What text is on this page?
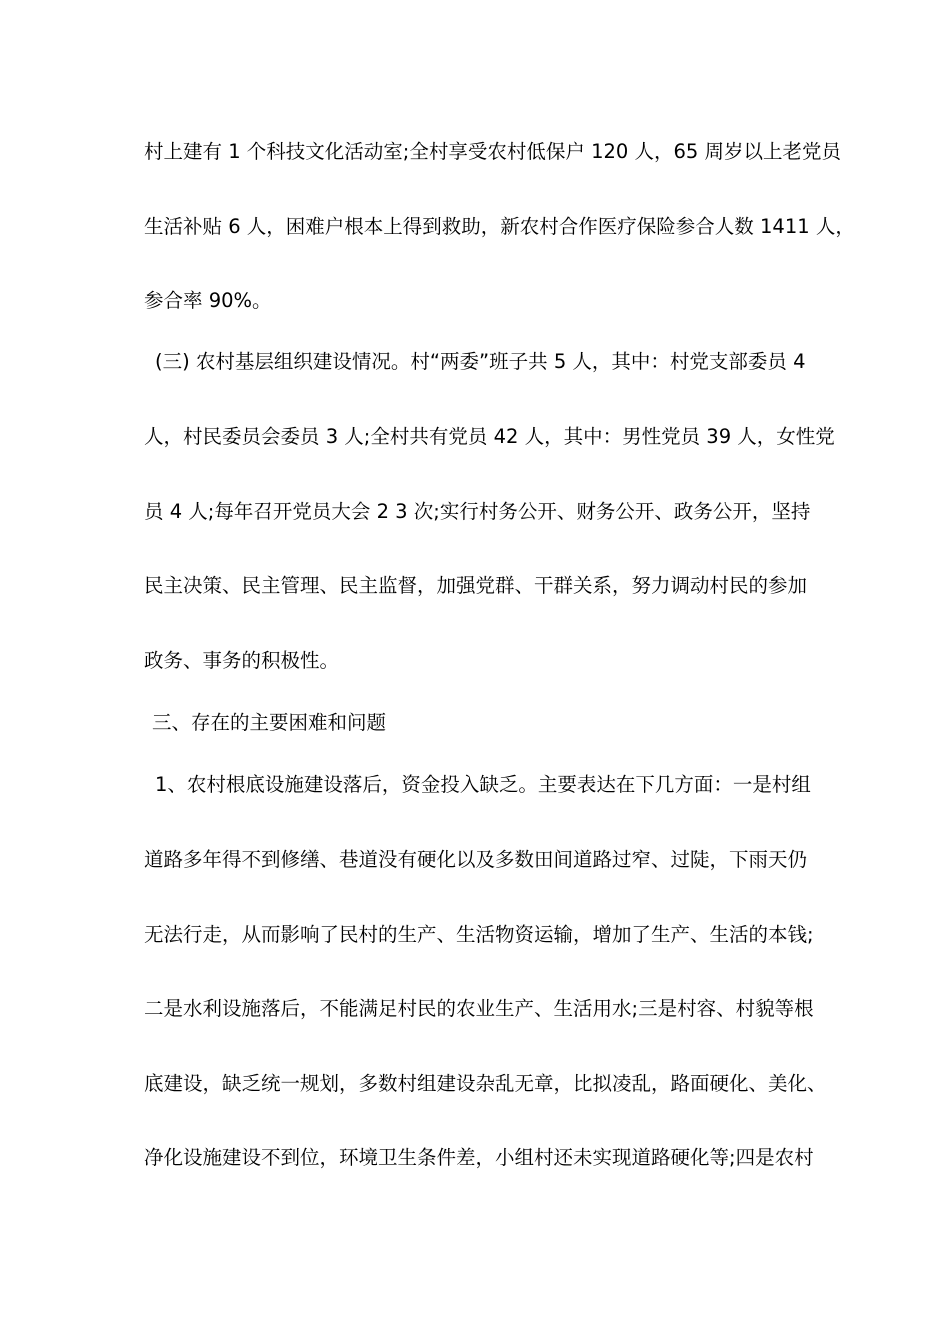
村上建有 1 个科技文化活动室;全村享受农村低保户 120 人，65 周岁以上老党员
生活补贴 6 人，困难户根本上得到救助，新农村合作医疗保险参合人数 1411 人，
参合率 90%。
(三) 农村基层组织建设情况。村“两委”班子共 5 人，其中：村党支部委员 4
人，村民委员会委员 3 人;全村共有党员 42 人，其中：男性党员 39 人，女性党
员 4 人;每年召开党员大会 2 3 次;实行村务公开、财务公开、政务公开，坚持
民主决策、民主管理、民主监督，加强党群、干群关系，努力调动村民的参加
政务、事务的积极性。
三、存在的主要困难和问题
1、农村根底设施建设落后，资金投入缺乏。主要表达在下几方面：一是村组
道路多年得不到修缮、巷道没有硬化以及多数田间道路过窄、过陡，下雨天仍
无法行走，从而影响了民村的生产、生活物资运输，增加了生产、生活的本钱;
二是水利设施落后，不能满足村民的农业生产、生活用水;三是村容、村貌等根
底建设，缺乏统一规划，多数村组建设杂乱无章，比拟凌乱，路面硬化、美化、
净化设施建设不到位，环境卫生条件差，小组村还未实现道路硬化等;四是农村
